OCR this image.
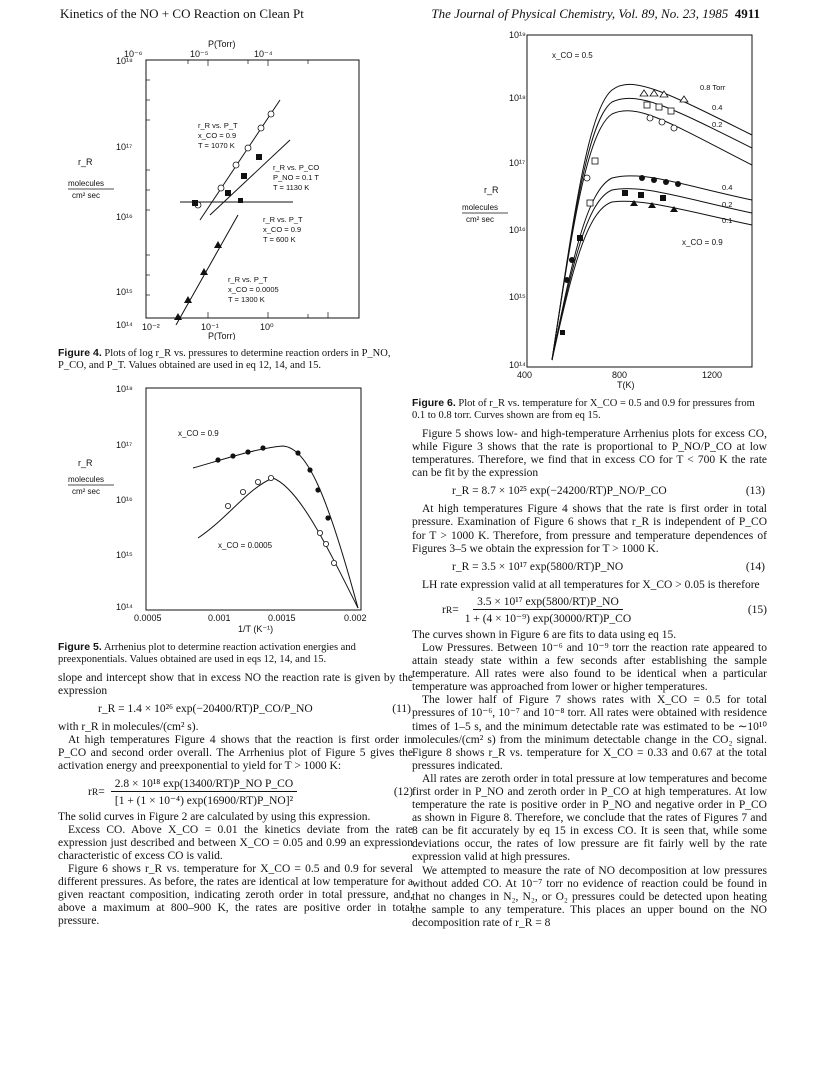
Kinetics of the NO + CO Reaction on Clean Pt	The Journal of Physical Chemistry, Vol. 89, No. 23, 1985 4911
P(Torr)
10⁻⁶	10⁻⁵	10⁻⁴
10¹⁸
10¹⁷
10¹⁶
10¹⁵
10¹⁴
r_R
molecules
cm² sec
10⁻²	10⁻¹	10⁰
P(Torr)
r_R vs. P_T
x_CO = 0.9
T = 1070 K
r_R vs. P_CO
P_NO = 0.1 T
T = 1130 K
r_R vs. P_T
x_CO = 0.9
T = 600 K
r_R vs. P_T
x_CO = 0.0005
T = 1300 K
Figure 4. Plots of log r_R vs. pressures to determine reaction orders in P_NO, P_CO, and P_T. Values obtained are used in eq 12, 14, and 15.
10¹⁸
10¹⁷
10¹⁶
10¹⁵
10¹⁴
r_R
molecules
cm² sec
0.0005	0.001	0.0015	0.002
1/T (K⁻¹)
x_CO = 0.9
x_CO = 0.0005
Figure 5. Arrhenius plot to determine reaction activation energies and preexponentials. Values obtained are used in eqs 12, 14, and 15.

slope and intercept show that in excess NO the reaction rate is given by the expression

r_R = 1.4 × 10²⁶ exp(−20400/RT)P_CO/P_NO	(11)

with r_R in molecules/(cm² s).

At high temperatures Figure 4 shows that the reaction is first order in P_CO and second order overall. The Arrhenius plot of Figure 5 gives the activation energy and preexponential to yield for T > 1000 K:

r R =
2.8 × 10¹⁸ exp(13400/RT)P_NO P_CO
[1 + (1 × 10⁻⁴) exp(16900/RT)P_NO]²
(12)

The solid curves in Figure 2 are calculated by using this expression.

Excess CO. Above X_CO = 0.01 the kinetics deviate from the rate expression just described and between X_CO = 0.05 and 0.99 an expression characteristic of excess CO is valid.

Figure 6 shows r_R vs. temperature for X_CO = 0.5 and 0.9 for several different pressures. As before, the rates are identical at low temperature for a given reactant composition, indicating zeroth order in total pressure, and, above a maximum at 800–900 K, the rates are positive order in total pressure.

10¹⁹
10¹⁸
10¹⁷
10¹⁶
10¹⁵
10¹⁴
r_R
molecules
cm² sec
400	800	1200
T(K)
x_CO = 0.5
x_CO = 0.9
0.8 Torr
0.4
0.2
0.4
0.2
0.1
Figure 6. Plot of r_R vs. temperature for X_CO = 0.5 and 0.9 for pressures from 0.1 to 0.8 torr. Curves shown are from eq 15.

Figure 5 shows low- and high-temperature Arrhenius plots for excess CO, while Figure 3 shows that the rate is proportional to P_NO/P_CO at low temperatures. Therefore, we find that in excess CO for T < 700 K the rate can be fit by the expression

r_R = 8.7 × 10²⁵ exp(−24200/RT)P_NO/P_CO	(13)

At high temperatures Figure 4 shows that the rate is first order in total pressure. Examination of Figure 6 shows that r_R is independent of P_CO for T > 1000 K. Therefore, from pressure and temperature dependences of Figures 3–5 we obtain the expression for T > 1000 K.

r_R = 3.5 × 10¹⁷ exp(5800/RT)P_NO	(14)

LH rate expression valid at all temperatures for X_CO > 0.05 is therefore

r R =
3.5 × 10¹⁷ exp(5800/RT)P_NO
1 + (4 × 10⁻⁹) exp(30000/RT)P_CO
(15)

The curves shown in Figure 6 are fits to data using eq 15.

Low Pressures. Between 10⁻⁶ and 10⁻⁹ torr the reaction rate appeared to attain steady state within a few seconds after establishing the sample temperature. All rates were also found to be identical when a particular temperature was approached from lower or higher temperatures.

The lower half of Figure 7 shows rates with X_CO = 0.5 for total pressures of 10⁻⁶, 10⁻⁷ and 10⁻⁸ torr. All rates were obtained with residence times of 1–5 s, and the minimum detectable rate was estimated to be ∼10¹⁰ molecules/(cm² s) from the minimum detectable change in the CO₂ signal. Figure 8 shows r_R vs. temperature for X_CO = 0.33 and 0.67 at the total pressures indicated.

All rates are zeroth order in total pressure at low temperatures and become first order in P_NO and zeroth order in P_CO at high temperatures. At low temperature the rate is positive order in P_NO and negative order in P_CO as shown in Figure 8. Therefore, we conclude that the rates of Figures 7 and 8 can be fit accurately by eq 15 in excess CO. It is seen that, while some deviations occur, the rates of low pressure are fit fairly well by the rate expression valid at high pressures.

We attempted to measure the rate of NO decomposition at low pressures without added CO. At 10⁻⁷ torr no evidence of reaction could be found in that no changes in N₂, N₂, or O₂ pressures could be detected upon heating the sample to any temperature. This places an upper bound on the NO decomposition rate of r_R = 8
